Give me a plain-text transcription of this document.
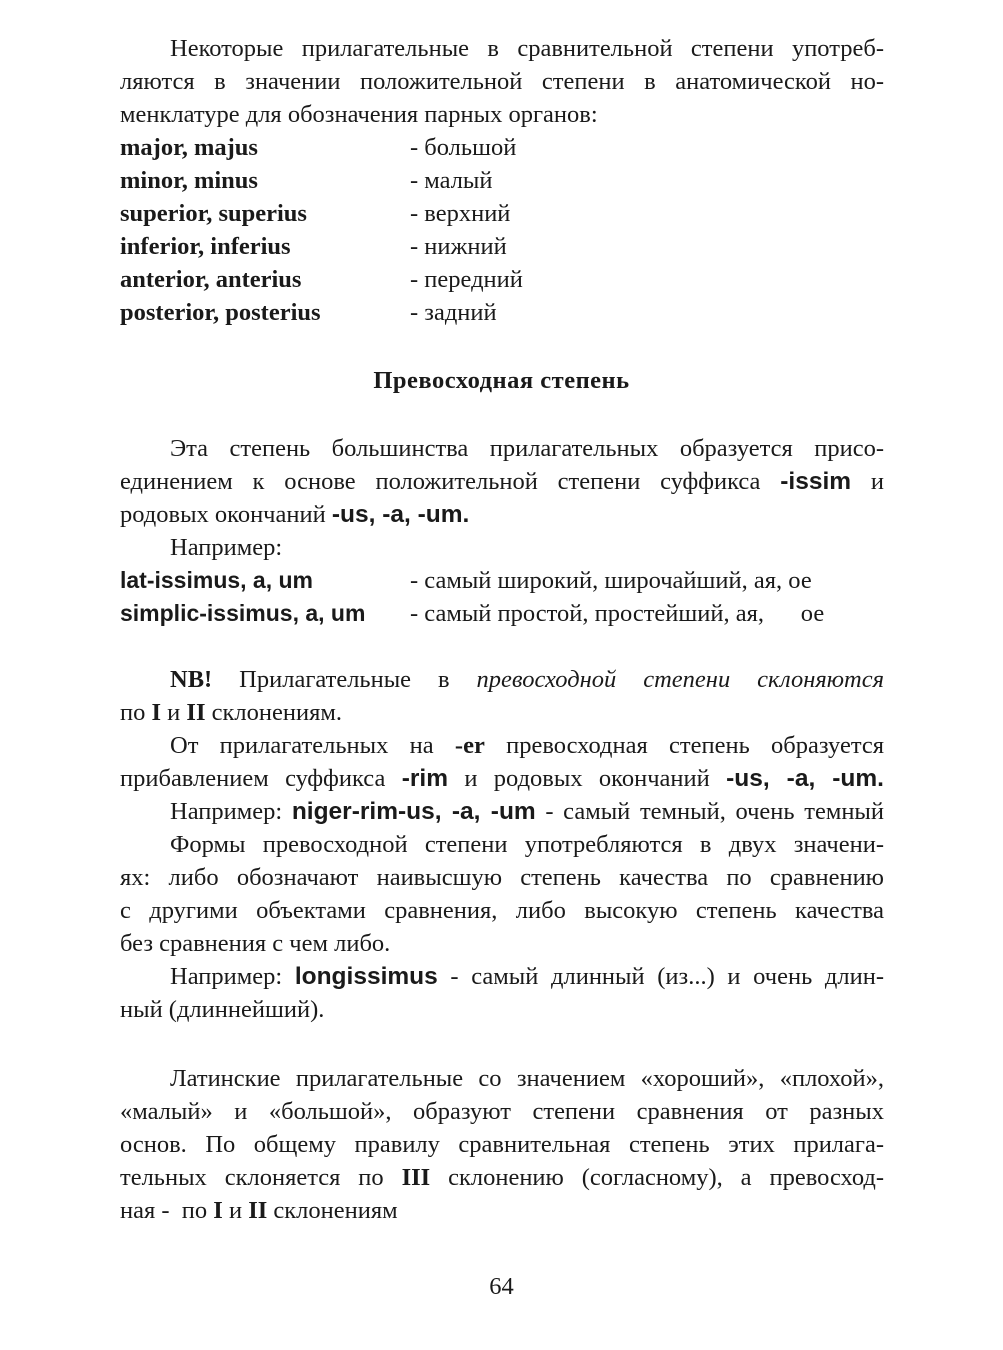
Некоторые прилагательные в сравнительной степени употреб-
ляются в значении положительной степени в анатомической но-
менклатуре для обозначения парных органов:
major, majus	- большой
minor, minus	- малый
superior, superius	- верхний
inferior, inferius	- нижний
anterior, anterius	- передний
posterior, posterius	- задний
Превосходная степень
Эта степень большинства прилагательных образуется присо-
единением к основе положительной степени суффикса -issim и
родовых окончаний -us, -a, -um.
Например:
lat-issimus, a, um	- самый широкий, широчайший, ая, ое
simplic-issimus, a, um - самый простой, простейший, ая,      ое
NB! Прилагательные в превосходной степени склоняются
по I и II склонениям.
От прилагательных на -er превосходная степень образуется
прибавлением суффикса -rim и родовых окончаний -us, -a, -um.
Например: niger-rim-us, -a, -um - самый темный, очень темный
Формы превосходной степени употребляются в двух значени-
ях: либо обозначают наивысшую степень качества по сравнению
с другими объектами сравнения, либо высокую степень качества
без сравнения с чем либо.
Например: longissimus - самый длинный (из...) и очень длин-
ный (длиннейший).
Латинские прилагательные со значением «хороший», «плохой»,
«малый» и «большой», образуют степени сравнения от разных
основ. По общему правилу сравнительная степень этих прилага-
тельных склоняется по III склонению (согласному), а превосход-
ная -  по I и II склонениям
64
